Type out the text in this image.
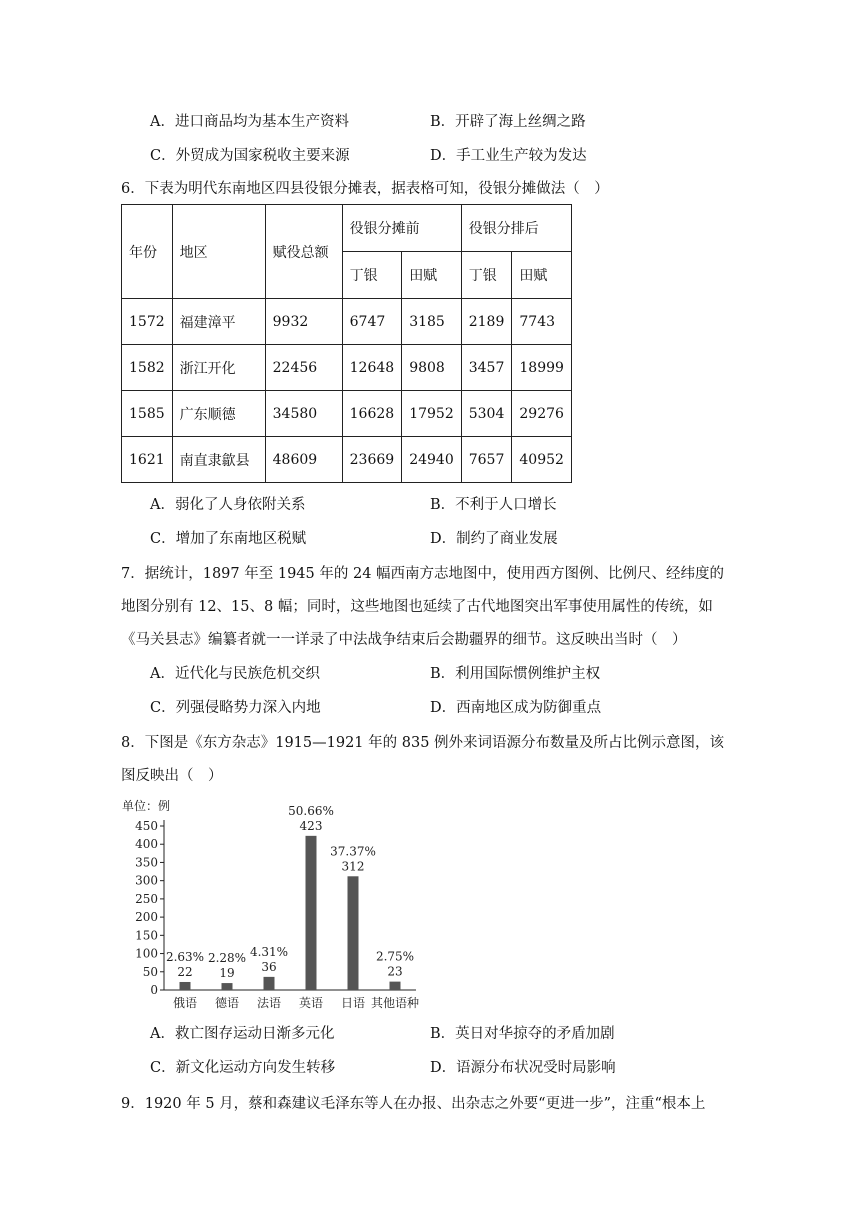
A．进口商品均为基本生产资料	B．开辟了海上丝绸之路
C．外贸成为国家税收主要来源	D．手工业生产较为发达
6．下表为明代东南地区四县役银分摊表，据表格可知，役银分摊做法（　）
年份	地区	赋役总额	役银分摊前		役银分排后	
			丁银	田赋	丁银	田赋
1572	福建漳平	9932	6747	3185	2189	7743
1582	浙江开化	22456	12648	9808	3457	18999
1585	广东顺德	34580	16628	17952	5304	29276
1621	南直隶歙县	48609	23669	24940	7657	40952
A．弱化了人身依附关系	B．不利于人口增长
C．增加了东南地区税赋	D．制约了商业发展
7．据统计，1897 年至 1945 年的 24 幅西南方志地图中，使用西方图例、比例尺、经纬度的
地图分别有 12、15、8 幅；同时，这些地图也延续了古代地图突出军事使用属性的传统，如
《马关县志》编纂者就一一详录了中法战争结束后会勘疆界的细节。这反映出当时（　）
A．近代化与民族危机交织	B．利用国际惯例维护主权
C．列强侵略势力深入内地	D．西南地区成为防御重点
8．下图是《东方杂志》1915—1921 年的 835 例外来词语源分布数量及所占比例示意图，该
图反映出（　）
单位：例
0
50
100
150
200
250
300
350
400
450
22
2.63%
俄语
19
2.28%
德语
36
4.31%
法语
423
50.66%
英语
312
37.37%
日语
23
2.75%
其他语种
A．救亡图存运动日渐多元化	B．英日对华掠夺的矛盾加剧
C．新文化运动方向发生转移	D．语源分布状况受时局影响
9．1920 年 5 月，蔡和森建议毛泽东等人在办报、出杂志之外要“更进一步”，注重“根本上
